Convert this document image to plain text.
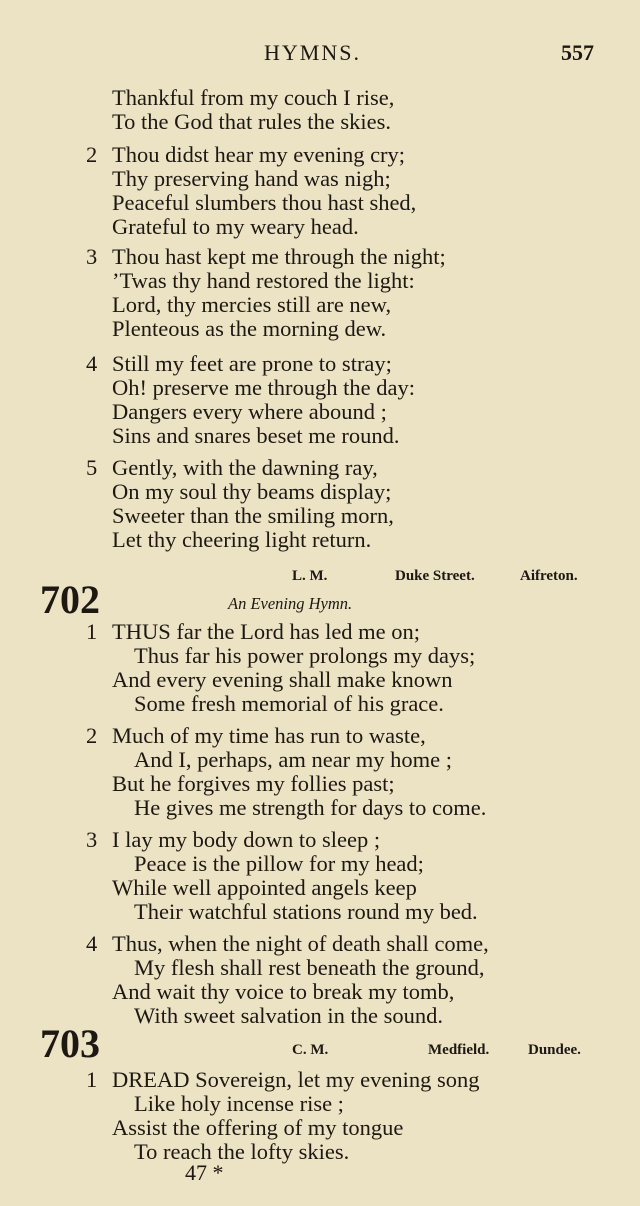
HYMNS.	557
Thankful from my couch I rise,
To the God that rules the skies.
2 Thou didst hear my evening cry;
Thy preserving hand was nigh;
Peaceful slumbers thou hast shed,
Grateful to my weary head.
3 Thou hast kept me through the night;
’Twas thy hand restored the light:
Lord, thy mercies still are new,
Plenteous as the morning dew.
4 Still my feet are prone to stray;
Oh! preserve me through the day:
Dangers every where abound ;
Sins and snares beset me round.
5 Gently, with the dawning ray,
On my soul thy beams display;
Sweeter than the smiling morn,
Let thy cheering light return.
L. M.	Duke Street.	Aifreton.
702	An Evening Hymn.
1 THUS far the Lord has led me on;
Thus far his power prolongs my days;
And every evening shall make known
Some fresh memorial of his grace.
2 Much of my time has run to waste,
And I, perhaps, am near my home ;
But he forgives my follies past;
He gives me strength for days to come.
3 I lay my body down to sleep ;
Peace is the pillow for my head;
While well appointed angels keep
Their watchful stations round my bed.
4 Thus, when the night of death shall come,
My flesh shall rest beneath the ground,
And wait thy voice to break my tomb,
With sweet salvation in the sound.
703	C. M.	Medfield.	Dundee.
1 DREAD Sovereign, let my evening song
Like holy incense rise ;
Assist the offering of my tongue
To reach the lofty skies.
47 *
